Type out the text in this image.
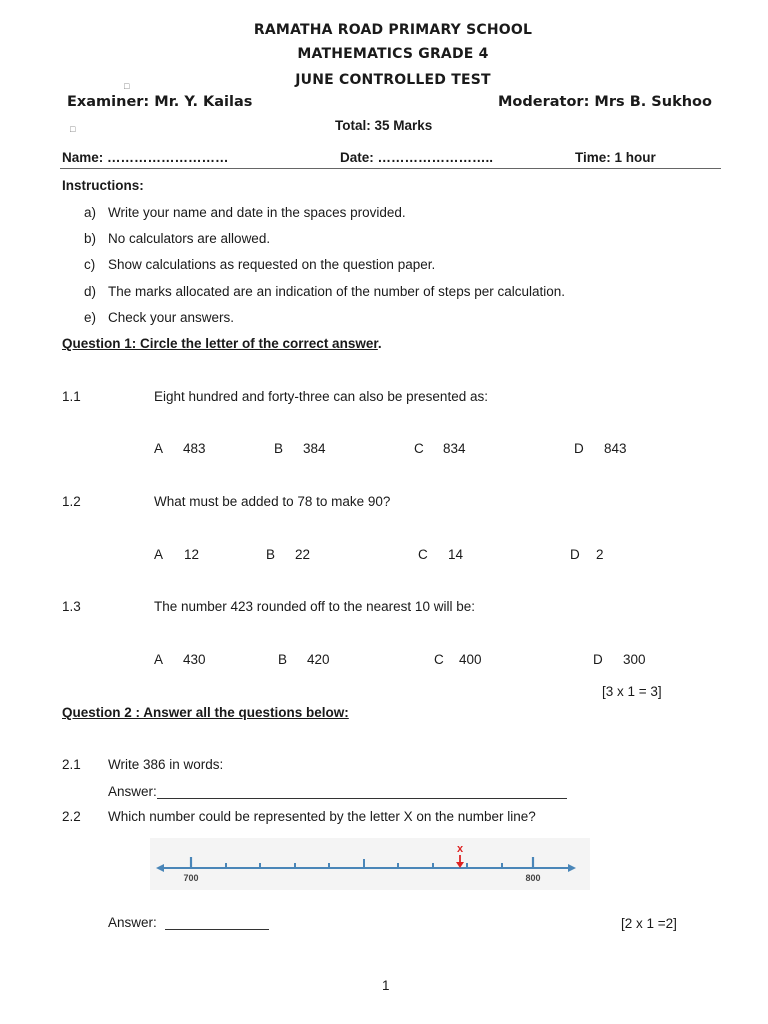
RAMATHA ROAD PRIMARY SCHOOL
MATHEMATICS GRADE 4
JUNE CONTROLLED TEST
□
Examiner: Mr. Y. Kailas	Moderator: Mrs B. Sukhoo
□	Total: 35 Marks
Name: ………………………	Date: ……………………..	Time: 1 hour
Instructions:
a) Write your name and date in the spaces provided.
b) No calculators are allowed.
c) Show calculations as requested on the question paper.
d) The marks allocated are an indication of the number of steps per calculation.
e) Check your answers.
Question 1: Circle the letter of the correct answer.
1.1	Eight hundred and forty-three can also be presented as:
A 483	B 384	C 834	D 843
1.2	What must be added to 78 to make 90?
A 12	B 22	C 14	D 2
1.3	The number 423 rounded off to the nearest 10 will be:
A 430	B 420	C 400	D 300
[3 x 1 = 3]
Question 2 : Answer all the questions below:
2.1 Write 386 in words:
Answer:
2.2 Which number could be represented by the letter X on the number line?
700	800
x
Answer:	[2 x 1 =2]
1
